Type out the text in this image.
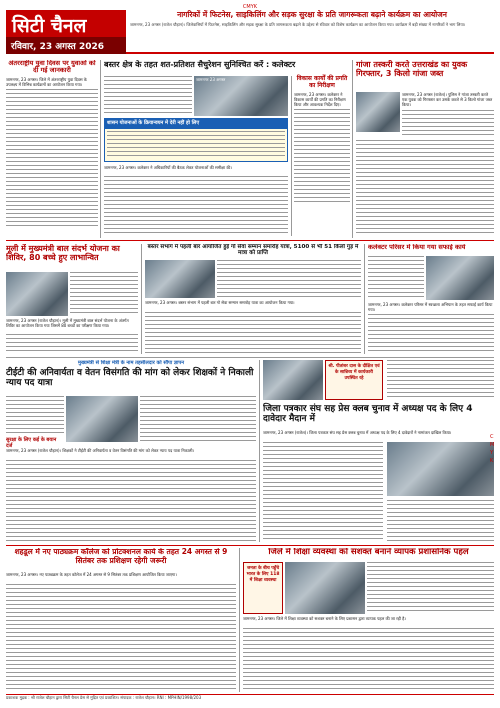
CMYK
सिटी चैनल
रविवार, 23 अगस्त 2026
नागरिकों में फिटनेस, साइकिलिंग और सड़क सुरक्षा के प्रति जागरूकता बढ़ाने कार्यक्रम का आयोजन
जामनगर, 23 अगस्त (राजेश चौहान)। जिलेवासियों में फिटनेस, साइकिलिंग और सड़क सुरक्षा के प्रति जागरूकता बढ़ाने के उद्देश्य से रविवार को विशेष कार्यक्रम का आयोजन किया गया। कार्यक्रम में बड़ी संख्या में नागरिकों ने भाग लिया।
अंतरराष्ट्रीय युवा दिवस पर युवाओं को दी गई जानकारी
जामनगर, 23 अगस्त। जिले में अंतरराष्ट्रीय युवा दिवस के उपलक्ष्य में विभिन्न कार्यक्रमों का आयोजन किया गया।
बस्तर क्षेत्र के तहत शत-प्रतिशत सैचुरेशन सुनिश्चित करें : कलेक्टर
जामनगर 23 अगस्त
शासन योजनाओं के क्रियान्वयन में देरी नहीं हो लिए
जामनगर, 23 अगस्त। कलेक्टर ने अधिकारियों की बैठक लेकर योजनाओं की समीक्षा की।
विकास कार्यों की प्रगति का निरीक्षण
जामनगर, 23 अगस्त। कलेक्टर ने विकास कार्यों की प्रगति का निरीक्षण किया और आवश्यक निर्देश दिए।
गांजा तस्करी करते उत्तराखंड का युवक गिरफ्तार, 3 किलो गांजा जब्त
जामनगर, 23 अगस्त (राजेश)। पुलिस ने गांजा तस्करी करते एक युवक को गिरफ्तार कर उसके कब्जे से 3 किलो गांजा जब्त किया।
मूली में मुख्यमंत्री बाल संदर्भ योजना का शिविर, 80 बच्चे हुए लाभान्वित
जामनगर, 23 अगस्त (राजेश चौहान)। मूली में मुख्यमंत्री बाल संदर्भ योजना के अंतर्गत शिविर का आयोजन किया गया जिसमें 80 बच्चों का परीक्षण किया गया।
बस्तर संभाग में पहली बार आयोजित हुई गो सेवा सम्मान समारोह यात्रा, 5100 से भी 51 किलो गुड़ मे मात्रा को प्राप्ति
जामनगर, 23 अगस्त। बस्तर संभाग में पहली बार गो सेवा सम्मान समारोह यात्रा का आयोजन किया गया।
कलेक्टर परिसर में किया गया सफाई कार्य
जामनगर, 23 अगस्त। कलेक्टर परिसर में स्वच्छता अभियान के तहत सफाई कार्य किया गया।
मुख्यमंत्री से शिक्षा मंत्री के नाम तहसीलदार को सौंपा ज्ञापन
टीईटी की अनिवार्यता व वेतन विसंगति की मांग को लेकर शिक्षकों ने निकाली न्याय पद यात्रा
सुरक्षा के लिए कई के बयान दर्ज
जामनगर, 23 अगस्त (राजेश चौहान)। शिक्षकों ने टीईटी की अनिवार्यता व वेतन विसंगति की मांग को लेकर न्याय पद यात्रा निकाली।
श्री. पीतांबर दास के दीक्षित एवं के सान्निध्य में कार्यकारी उपस्थित रहे
जिला पत्रकार संघ सह प्रेस क्लब चुनाव में अध्यक्ष पद के लिए 4 दावेदार मैदान में
जामनगर, 23 अगस्त (राजेश)। जिला पत्रकार संघ सह प्रेस क्लब चुनाव में अध्यक्ष पद के लिए 4 दावेदारों ने नामांकन दाखिल किया।
शहडूल में नए पाठ्यक्रम कॉलेज को प्रोटक्शनल कार्य के तहत 24 अगस्त से 9 सितंबर तक प्रशिक्षण रहेगी जरूरी
जामनगर, 23 अगस्त। नए पाठ्यक्रम के तहत कॉलेज में 24 अगस्त से 9 सितंबर तक प्रशिक्षण आयोजित किया जाएगा।
जिले में शिक्षा व्यवस्था को सशक्त बनाने व्यापक प्रशासनिक पहल
जनता के बीच पहुँचे भारत के लिए 118 में शिक्षा व्यवस्था
जामनगर, 23 अगस्त। जिले में शिक्षा व्यवस्था को सशक्त बनाने के लिए प्रशासन द्वारा व्यापक पहल की जा रही है।
प्रकाशक मुद्रक : श्री राजेश चौहान द्वारा सिटी चैनल प्रेस से मुद्रित एवं प्रकाशित। संपादक : राजेश चौहान। RNI : MPHIN/1998/203
C
M
Y
K
